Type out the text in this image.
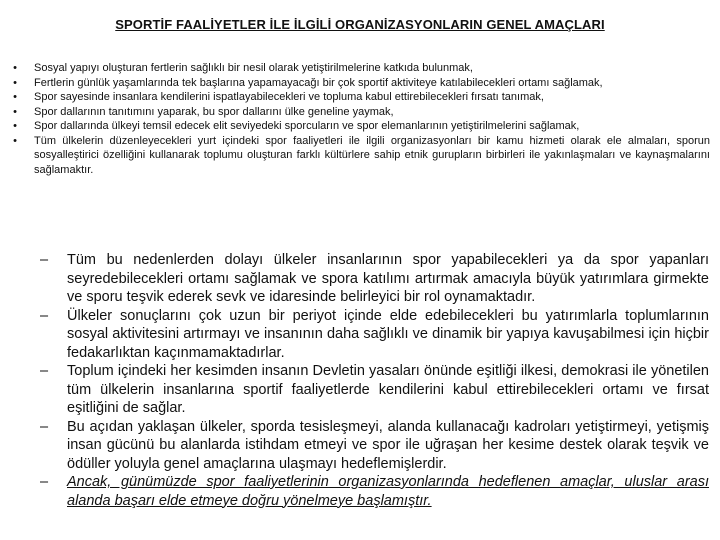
SPORTİF FAALİYETLER İLE İLGİLİ ORGANİZASYONLARIN GENEL AMAÇLARI
• Sosyal yapıyı oluşturan fertlerin sağlıklı bir nesil olarak yetiştirilmelerine katkıda bulunmak,
• Fertlerin günlük yaşamlarında tek başlarına yapamayacağı bir çok sportif aktiviteye katılabilecekleri ortamı sağlamak,
• Spor sayesinde insanlara kendilerini ispatlayabilecekleri ve topluma kabul ettirebilecekleri fırsatı tanımak,
• Spor dallarının tanıtımını yaparak, bu spor dallarını ülke geneline yaymak,
• Spor dallarında ülkeyi temsil edecek elit seviyedeki sporcuların ve spor elemanlarının yetiştirilmelerini sağlamak,
• Tüm ülkelerin düzenleyecekleri yurt içindeki spor faaliyetleri ile ilgili organizasyonları bir kamu hizmeti olarak ele almaları, sporun sosyalleştirici özelliğini kullanarak toplumu oluşturan farklı kültürlere sahip etnik gurupların birbirleri ile yakınlaşmaları ve kaynaşmalarını sağlamaktır.
–	Tüm bu nedenlerden dolayı ülkeler insanlarının spor yapabilecekleri ya da spor yapanları seyredebilecekleri ortamı sağlamak ve spora katılımı artırmak amacıyla büyük yatırımlara girmekte ve sporu teşvik ederek sevk ve idaresinde belirleyici bir rol oynamaktadır.
–	Ülkeler sonuçlarını çok uzun bir periyot içinde elde edebilecekleri bu yatırımlarla toplumlarının sosyal aktivitesini artırmayı ve insanının daha sağlıklı ve dinamik bir yapıya kavuşabilmesi için hiçbir fedakarlıktan kaçınmamaktadırlar.
–	Toplum içindeki her kesimden insanın Devletin yasaları önünde eşitliği ilkesi, demokrasi ile yönetilen tüm ülkelerin insanlarına sportif faaliyetlerde kendilerini kabul ettirebilecekleri ortamı ve fırsat eşitliğini de sağlar.
–	Bu açıdan yaklaşan ülkeler, sporda tesisleşmeyi, alanda kullanacağı kadroları yetiştirmeyi, yetişmiş insan gücünü bu alanlarda istihdam etmeyi ve spor ile uğraşan her kesime destek olarak teşvik ve ödüller yoluyla genel amaçlarına ulaşmayı hedeflemişlerdir.
–	Ancak, günümüzde spor faaliyetlerinin organizasyonlarında hedeflenen amaçlar, uluslar arası alanda başarı elde etmeye doğru yönelmeye başlamıştır.
